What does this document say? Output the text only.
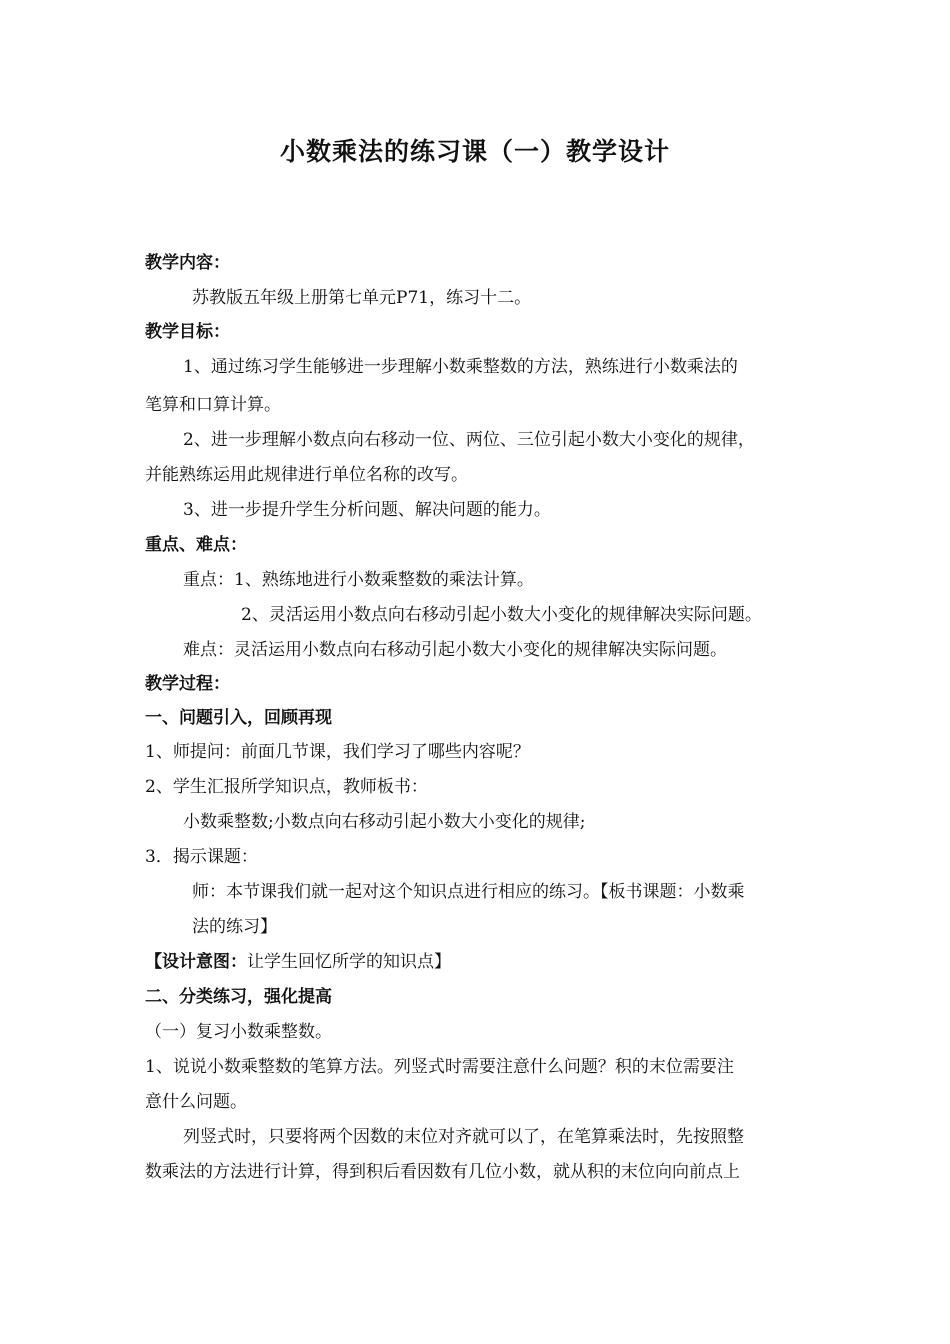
小数乘法的练习课（一）教学设计
教学内容：
苏教版五年级上册第七单元P71，练习十二。
教学目标：
1、通过练习学生能够进一步理解小数乘整数的方法，熟练进行小数乘法的
笔算和口算计算。
2、进一步理解小数点向右移动一位、两位、三位引起小数大小变化的规律，
并能熟练运用此规律进行单位名称的改写。
3、进一步提升学生分析问题、解决问题的能力。
重点、难点：
重点：1、熟练地进行小数乘整数的乘法计算。
2、灵活运用小数点向右移动引起小数大小变化的规律解决实际问题。
难点：灵活运用小数点向右移动引起小数大小变化的规律解决实际问题。
教学过程：
一、问题引入，回顾再现
1、师提问：前面几节课，我们学习了哪些内容呢？
2、学生汇报所学知识点，教师板书：
小数乘整数;小数点向右移动引起小数大小变化的规律;
3．揭示课题：
师：本节课我们就一起对这个知识点进行相应的练习。【板书课题：小数乘
法的练习】
【设计意图：让学生回忆所学的知识点】
二、分类练习，强化提高
（一）复习小数乘整数。
1、说说小数乘整数的笔算方法。列竖式时需要注意什么问题？积的末位需要注
意什么问题。
列竖式时，只要将两个因数的末位对齐就可以了，在笔算乘法时，先按照整
数乘法的方法进行计算，得到积后看因数有几位小数，就从积的末位向向前点上
